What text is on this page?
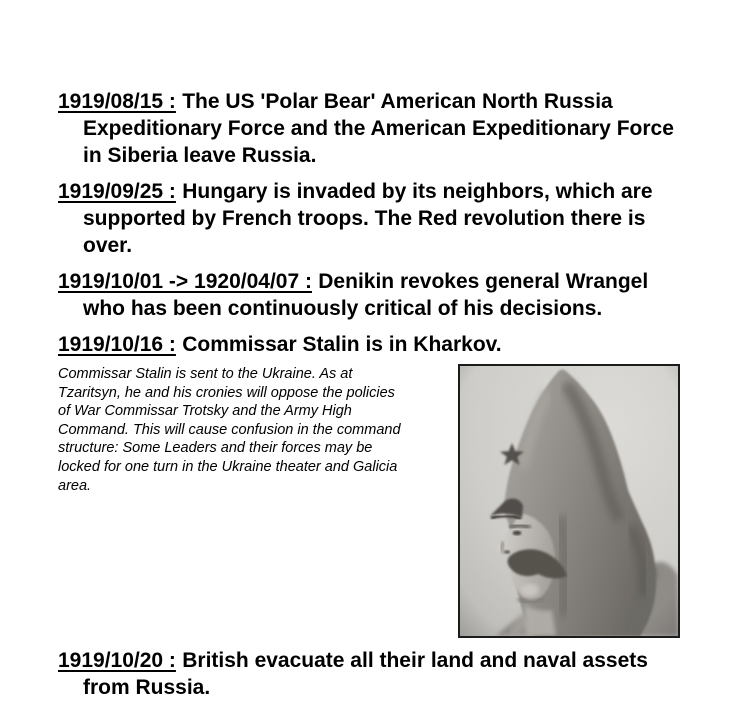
1919/08/15 : The US 'Polar Bear' American North Russia
Expeditionary Force and the American Expeditionary Force
in Siberia leave Russia.
1919/09/25 : Hungary is invaded by its neighbors, which are
supported by French troops. The Red revolution there is
over.
1919/10/01 -> 1920/04/07 : Denikin revokes general Wrangel
who has been continuously critical of his decisions.
1919/10/16 : Commissar Stalin is in Kharkov.
Commissar Stalin is sent to the Ukraine. As at
Tzaritsyn, he and his cronies will oppose the policies
of War Commissar Trotsky and the Army High
Command. This will cause confusion in the command
structure: Some Leaders and their forces may be
locked for one turn in the Ukraine theater and Galicia
area.
1919/10/20 : British evacuate all their land and naval assets
from Russia.
